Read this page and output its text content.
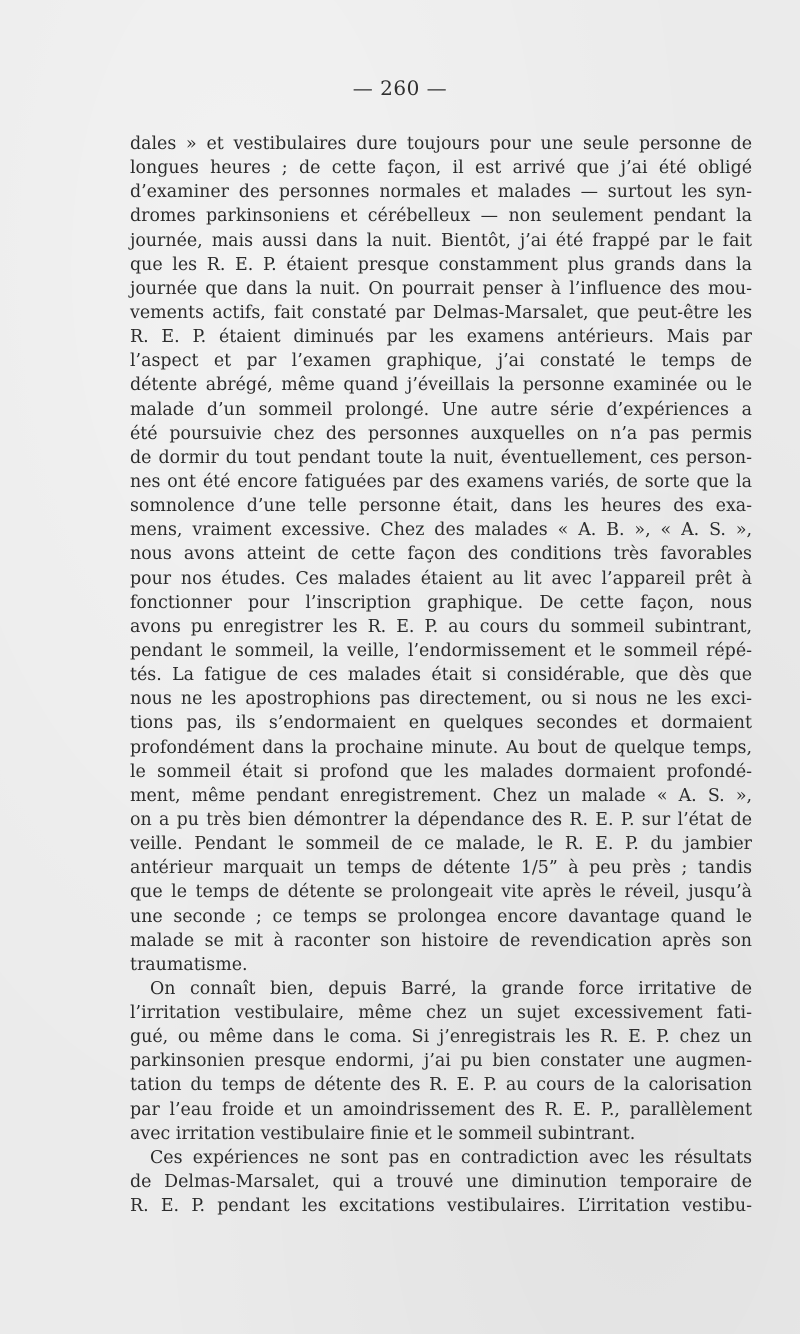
— 260 —
dales » et vestibulaires dure toujours pour une seule personne de
longues heures ; de cette façon, il est arrivé que j’ai été obligé
d’examiner des personnes normales et malades — surtout les syn-
dromes parkinsoniens et cérébelleux — non seulement pendant la
journée, mais aussi dans la nuit. Bientôt, j’ai été frappé par le fait
que les R. E. P. étaient presque constamment plus grands dans la
journée que dans la nuit. On pourrait penser à l’influence des mou-
vements actifs, fait constaté par Delmas-Marsalet, que peut-être les
R. E. P. étaient diminués par les examens antérieurs. Mais par
l’aspect et par l’examen graphique, j’ai constaté le temps de
détente abrégé, même quand j’éveillais la personne examinée ou le
malade d’un sommeil prolongé. Une autre série d’expériences a
été poursuivie chez des personnes auxquelles on n’a pas permis
de dormir du tout pendant toute la nuit, éventuellement, ces person-
nes ont été encore fatiguées par des examens variés, de sorte que la
somnolence d’une telle personne était, dans les heures des exa-
mens, vraiment excessive. Chez des malades « A. B. », « A. S. »,
nous avons atteint de cette façon des conditions très favorables
pour nos études. Ces malades étaient au lit avec l’appareil prêt à
fonctionner pour l’inscription graphique. De cette façon, nous
avons pu enregistrer les R. E. P. au cours du sommeil subintrant,
pendant le sommeil, la veille, l’endormissement et le sommeil répé-
tés. La fatigue de ces malades était si considérable, que dès que
nous ne les apostrophions pas directement, ou si nous ne les exci-
tions pas, ils s’endormaient en quelques secondes et dormaient
profondément dans la prochaine minute. Au bout de quelque temps,
le sommeil était si profond que les malades dormaient profondé-
ment, même pendant enregistrement. Chez un malade « A. S. »,
on a pu très bien démontrer la dépendance des R. E. P. sur l’état de
veille. Pendant le sommeil de ce malade, le R. E. P. du jambier
antérieur marquait un temps de détente 1/5” à peu près ; tandis
que le temps de détente se prolongeait vite après le réveil, jusqu’à
une seconde ; ce temps se prolongea encore davantage quand le
malade se mit à raconter son histoire de revendication après son
traumatisme.
On connaît bien, depuis Barré, la grande force irritative de
l’irritation vestibulaire, même chez un sujet excessivement fati-
gué, ou même dans le coma. Si j’enregistrais les R. E. P. chez un
parkinsonien presque endormi, j’ai pu bien constater une augmen-
tation du temps de détente des R. E. P. au cours de la calorisation
par l’eau froide et un amoindrissement des R. E. P., parallèlement
avec irritation vestibulaire finie et le sommeil subintrant.
Ces expériences ne sont pas en contradiction avec les résultats
de Delmas-Marsalet, qui a trouvé une diminution temporaire de
R. E. P. pendant les excitations vestibulaires. L’irritation vestibu-
